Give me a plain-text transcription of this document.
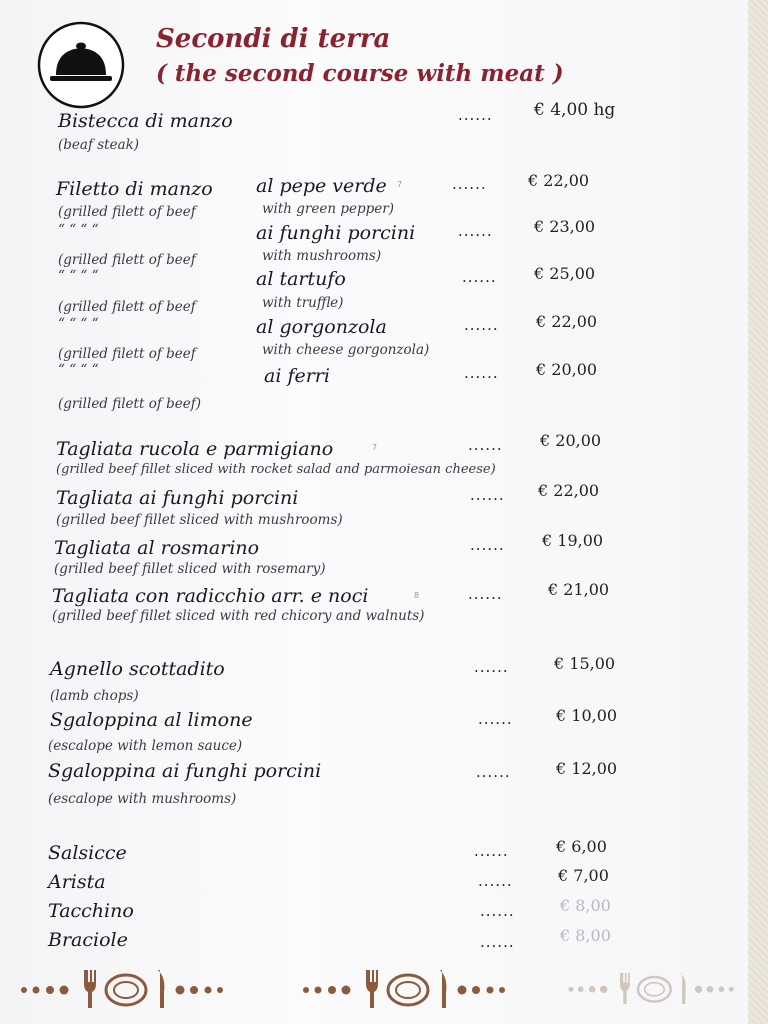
Secondi di terra
( the second course with meat )
Bistecca di manzo
(beaf steak)
...... € 4,00 hg
Filetto di manzo al pepe verde 7	......	€ 22,00
(grilled filett of beef	with green pepper)
“ “ “ “	ai funghi porcini	......	€ 23,00
(grilled filett of beef	with mushrooms)
“ “ “ “	al tartufo	...... € 25,00
(grilled filett of beef	with truffle)
“ “ “ “	al gorgonzola	...... € 22,00
(grilled filett of beef	with cheese gorgonzola)
“ “ “ “	ai ferri	...... € 20,00
(grilled filett of beef)
Tagliata rucola e parmigiano	7	...... € 20,00
(grilled beef fillet sliced with rocket salad and parmoiesan cheese)
Tagliata ai funghi porcini	...... € 22,00
(grilled beef fillet sliced with mushrooms)
Tagliata al rosmarino	...... € 19,00
(grilled beef fillet sliced with rosemary)
Tagliata con radicchio arr. e noci	8	......	€ 21,00
(grilled beef fillet sliced with red chicory and walnuts)
Agnello scottadito	......	€ 15,00
(lamb chops)
Sgaloppina al limone	......	€ 10,00
(escalope with lemon sauce)
Sgaloppina ai funghi porcini	......	€ 12,00
(escalope with mushrooms)
Salsicce	......	€ 6,00
Arista	......	€ 7,00
Tacchino	......	€ 8,00
Braciole	......	€ 8,00
